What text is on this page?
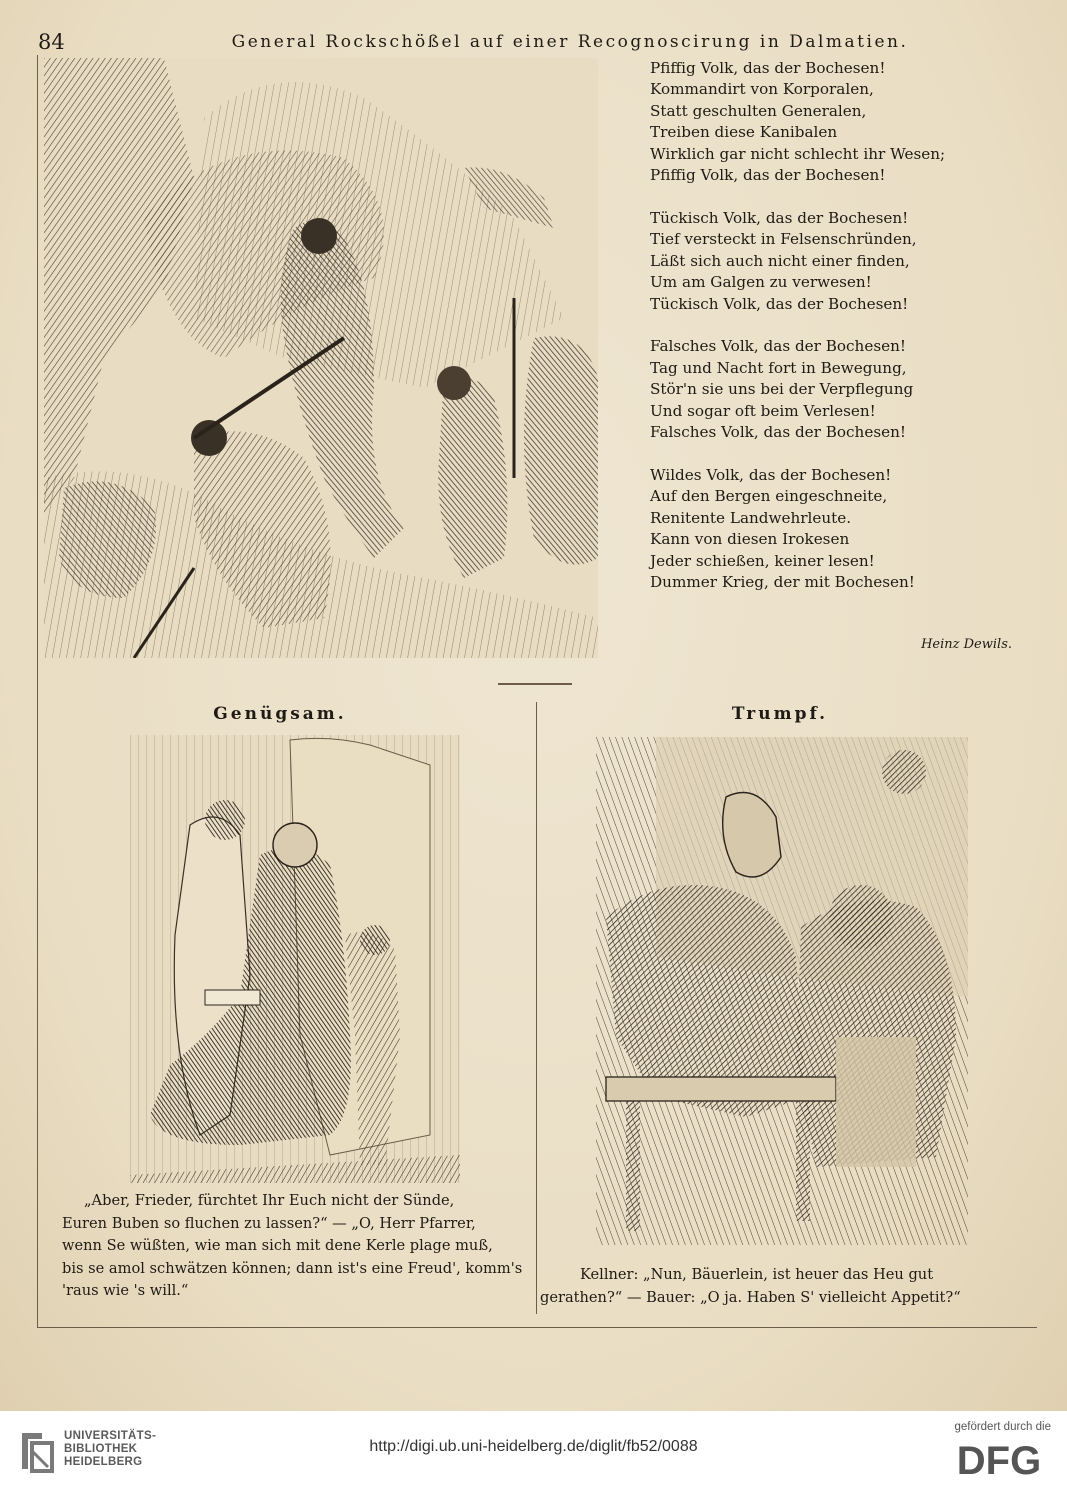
84	General Rockschößel auf einer Recognoscirung in Dalmatien.
Pfiffig Volk, das der Bochesen!
Kommandirt von Korporalen,
Statt geschulten Generalen,
Treiben diese Kanibalen
Wirklich gar nicht schlecht ihr Wesen;
Pfiffig Volk, das der Bochesen!
Tückisch Volk, das der Bochesen!
Tief versteckt in Felsenschründen,
Läßt sich auch nicht einer finden,
Um am Galgen zu verwesen!
Tückisch Volk, das der Bochesen!
Falsches Volk, das der Bochesen!
Tag und Nacht fort in Bewegung,
Stör'n sie uns bei der Verpflegung
Und sogar oft beim Verlesen!
Falsches Volk, das der Bochesen!
Wildes Volk, das der Bochesen!
Auf den Bergen eingeschneite,
Renitente Landwehrleute.
Kann von diesen Irokesen
Jeder schießen, keiner lesen!
Dummer Krieg, der mit Bochesen!
Heinz Dewils.
Genügsam.	Trumpf.
„Aber, Frieder, fürchtet Ihr Euch nicht der Sünde,
Euren Buben so fluchen zu lassen?“ — „O, Herr Pfarrer,
wenn Se wüßten, wie man sich mit dene Kerle plage muß,
bis se amol schwätzen können; dann ist's eine Freud', komm's
'raus wie 's will.“
Kellner: „Nun, Bäuerlein, ist heuer das Heu gut
gerathen?“ — Bauer: „O ja. Haben S' vielleicht Appetit?“
UNIVERSITÄTS-
BIBLIOTHEK
HEIDELBERG
http://digi.ub.uni-heidelberg.de/diglit/fb52/0088
gefördert durch die
DFG
